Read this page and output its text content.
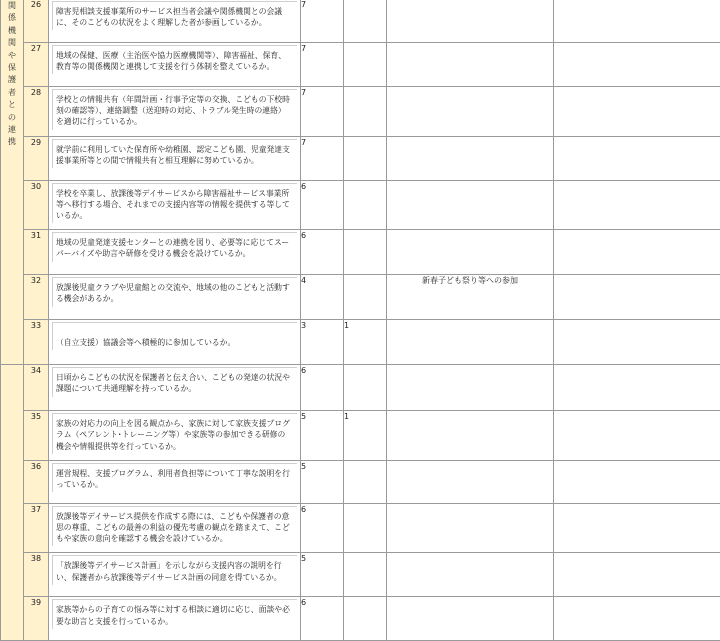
関係機関や保護者との連携	26	障害児相談支援事業所のサービス担当者会議や関係機関との会議に、そのこどもの状況をよく理解した者が参画しているか。	7			
	27	地域の保健、医療（主治医や協力医療機関等）、障害福祉、保育、教育等の関係機関と連携して支援を行う体制を整えているか。	7			
	28	学校との情報共有（年間計画・行事予定等の交換、こどもの下校時刻の確認等）、連絡調整（送迎時の対応、トラブル発生時の連絡）を適切に行っているか。	7			
	29	就学前に利用していた保育所や幼稚園、認定こども園、児童発達支援事業所等との間で情報共有と相互理解に努めているか。	7			
	30	学校を卒業し、放課後等デイサービスから障害福祉サービス事業所等へ移行する場合、それまでの支援内容等の情報を提供する等しているか。	6			
	31	地域の児童発達支援センターとの連携を図り、必要等に応じてスーパーバイズや助言や研修を受ける機会を設けているか。	6			
	32	放課後児童クラブや児童館との交流や、地域の他のこどもと活動する機会があるか。	4		新春子ども祭り等への参加	
	33	（自立支援）協議会等へ積極的に参加しているか。	3	1		
	34	日頃からこどもの状況を保護者と伝え合い、こどもの発達の状況や課題について共通理解を持っているか。	6			
	35	家族の対応力の向上を図る観点から、家族に対して家族支援プログラム（ペアレント･トレーニング等）や家族等の参加できる研修の機会や情報提供等を行っているか。	5	1		
	36	運営規程、支援プログラム、利用者負担等について丁寧な説明を行っているか。	5			
	37	放課後等デイサービス提供を作成する際には、こどもや保護者の意思の尊重、こどもの最善の利益の優先考慮の観点を踏まえて、こどもや家族の意向を確認する機会を設けているか。	6			
	38	「放課後等デイサービス計画」を示しながら支援内容の説明を行い、保護者から放課後等デイサービス計画の同意を得ているか。	5			
	39	家族等からの子育ての悩み等に対する相談に適切に応じ、面談や必要な助言と支援を行っているか。	6			
